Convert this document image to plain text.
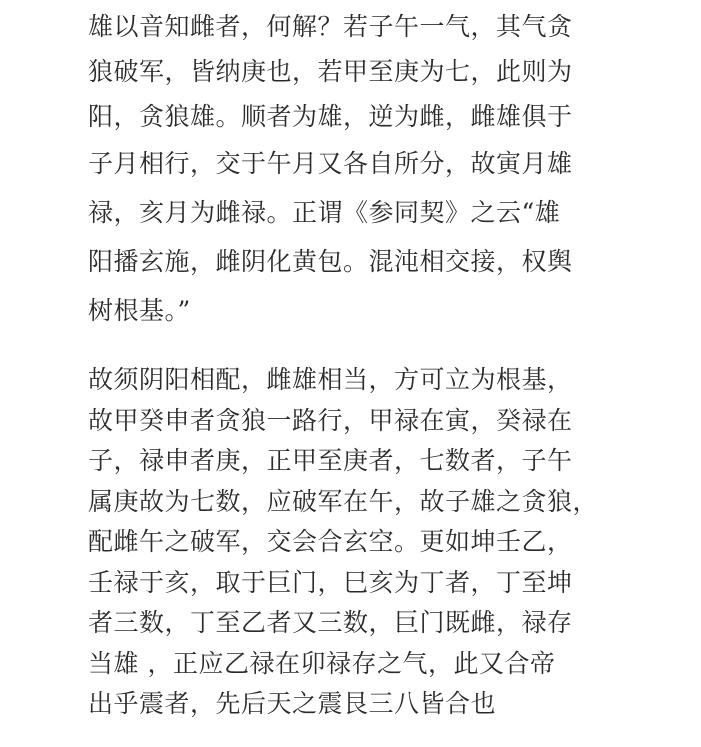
雄以音知雌者，何解？若子午一气，其气贪
狼破军，皆纳庚也，若甲至庚为七，此则为
阳，贪狼雄。顺者为雄，逆为雌，雌雄俱于
子月相行，交于午月又各自所分，故寅月雄
禄，亥月为雌禄。正谓《参同契》之云“雄
阳播玄施，雌阴化黄包。混沌相交接，权舆
树根基。”
故须阴阳相配，雌雄相当，方可立为根基，
故甲癸申者贪狼一路行，甲禄在寅，癸禄在
子，禄申者庚，正甲至庚者，七数者，子午
属庚故为七数，应破军在午，故子雄之贪狼，
配雌午之破军，交会合玄空。更如坤壬乙，
壬禄于亥，取于巨门，巳亥为丁者，丁至坤
者三数，丁至乙者又三数，巨门既雌，禄存
当雄 ，正应乙禄在卯禄存之气，此又合帝
出乎震者，先后天之震艮三八皆合也
